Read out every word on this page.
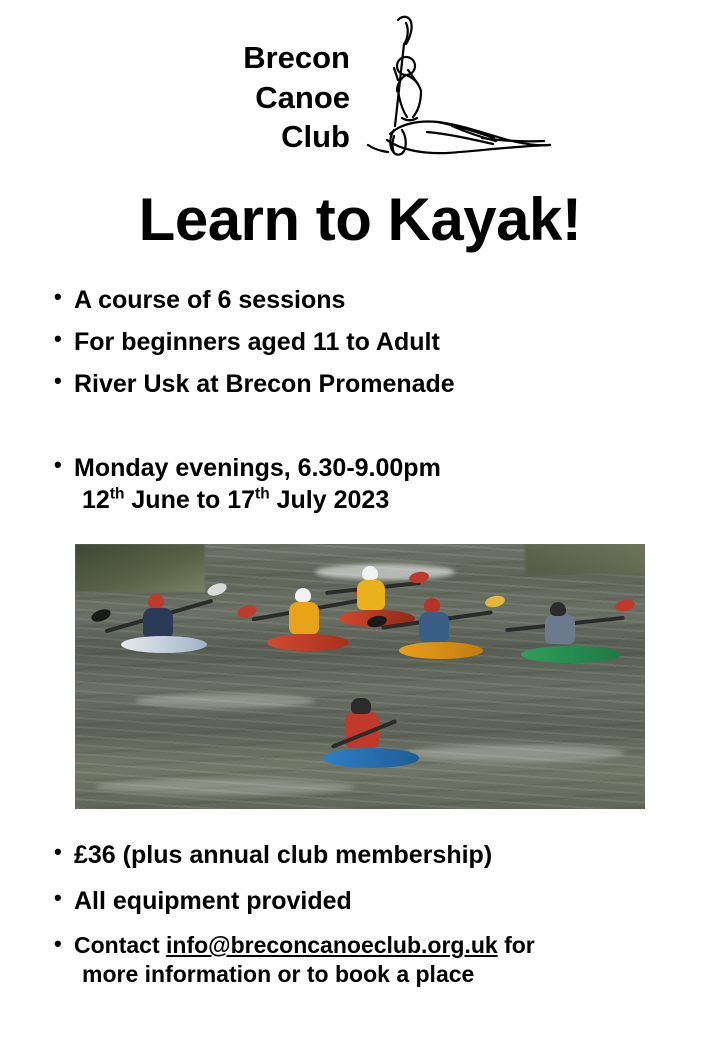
Brecon
Canoe
Club
Learn to Kayak!
• A course of 6 sessions
• For beginners aged 11 to Adult
• River Usk at Brecon Promenade
• Monday evenings, 6.30-9.00pm
12th June to 17th July 2023
• £36 (plus annual club membership)
• All equipment provided
• Contact info@breconcanoeclub.org.uk for
more information or to book a place
